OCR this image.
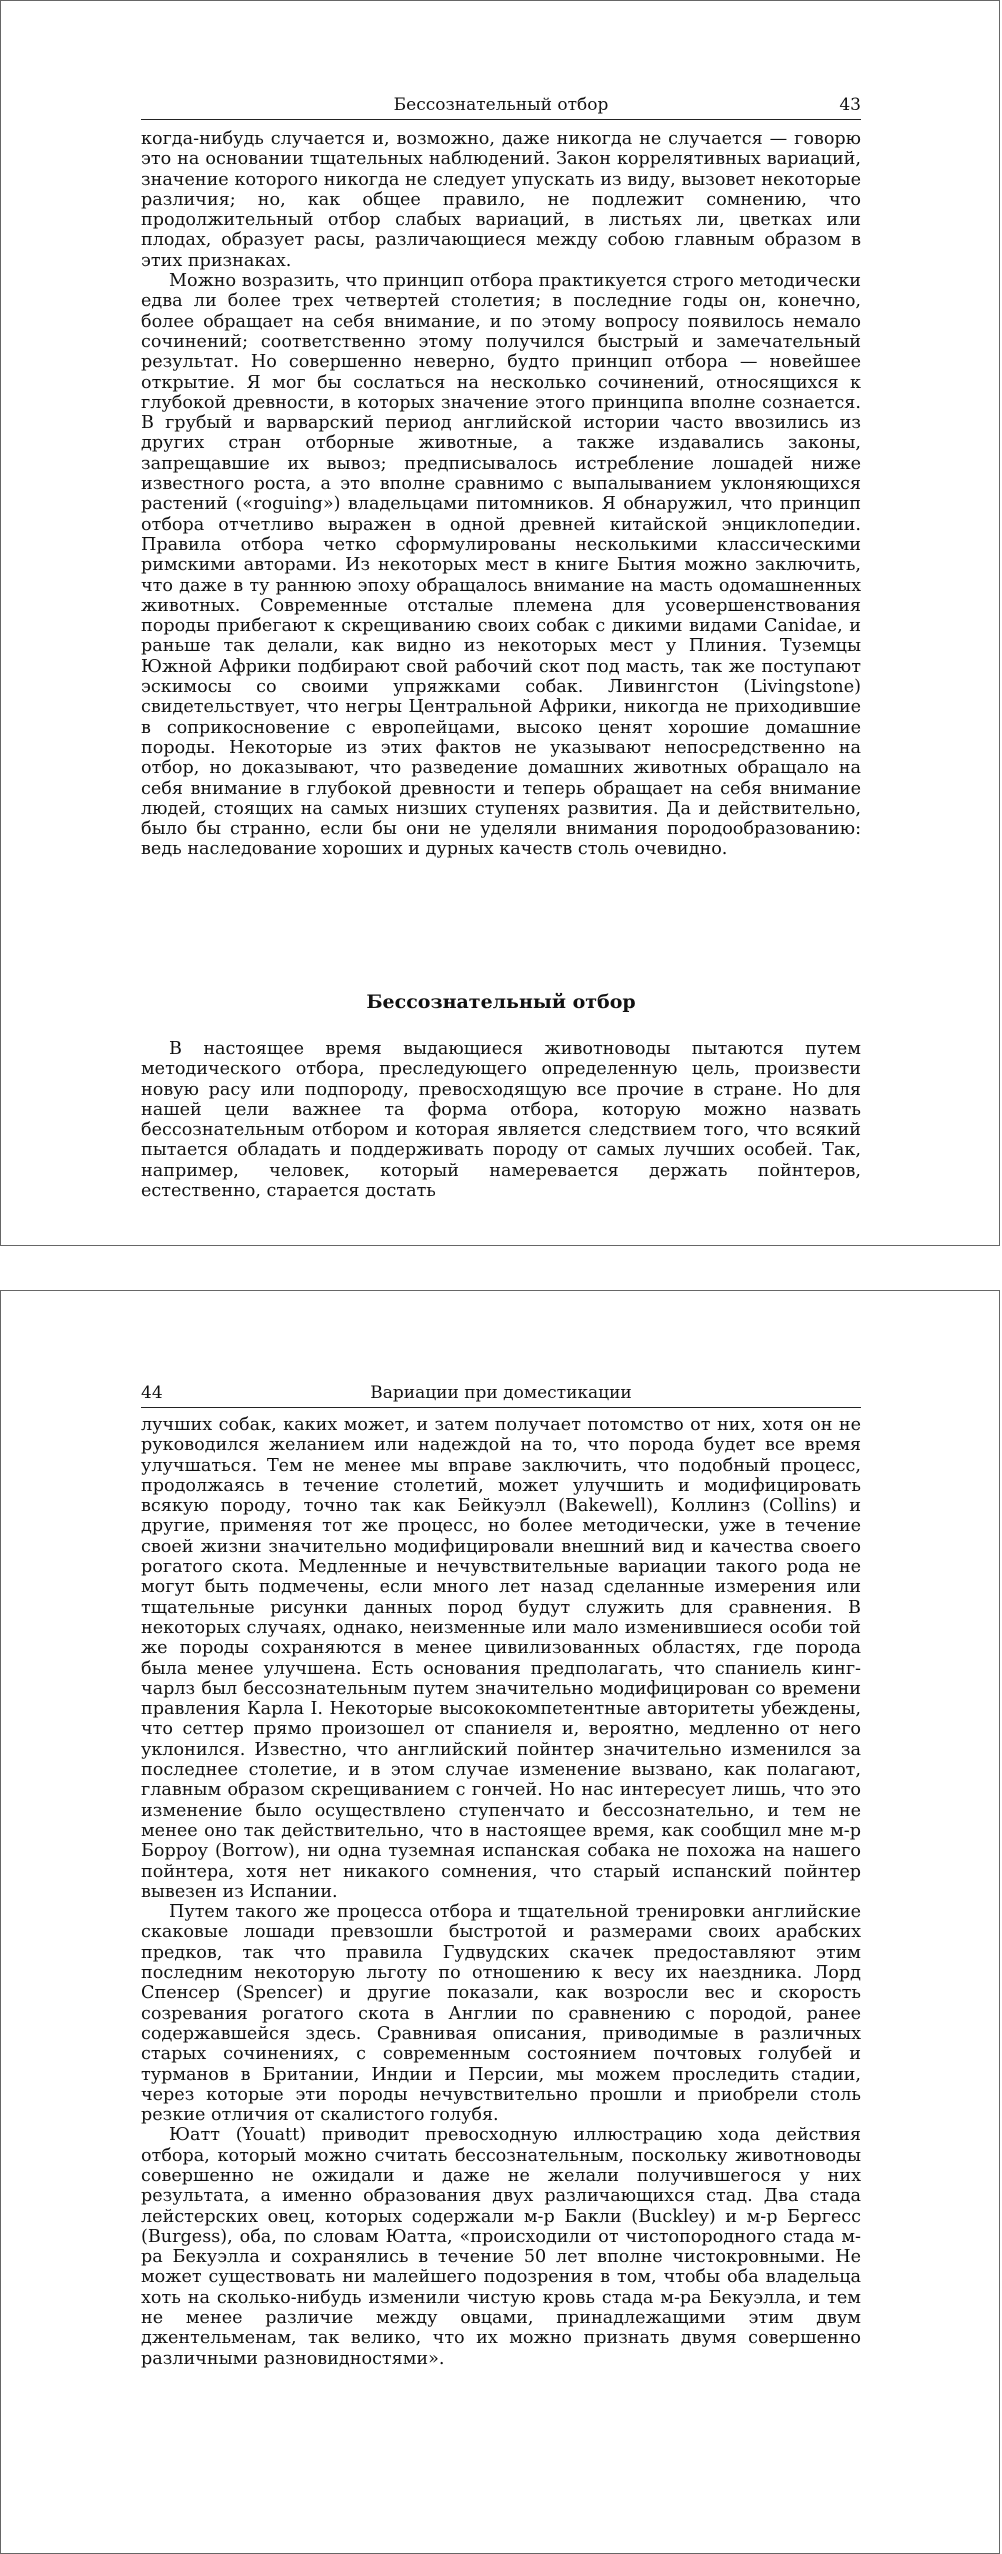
Бессознательный отбор	43

когда-нибудь случается и, возможно, даже никогда не случается — говорю это на основании тщательных наблюдений. Закон коррелятивных вариаций, значение которого никогда не следует упускать из виду, вызовет некоторые различия; но, как общее правило, не подлежит сомнению, что продолжительный отбор слабых вариаций, в листьях ли, цветках или плодах, образует расы, различающиеся между собою главным образом в этих признаках.

Можно возразить, что принцип отбора практикуется строго методически едва ли более трех четвертей столетия; в последние годы он, конечно, более обращает на себя внимание, и по этому вопросу появилось немало сочинений; соответственно этому получился быстрый и замечательный результат. Но совершенно неверно, будто принцип отбора — новейшее открытие. Я мог бы сослаться на несколько сочинений, относящихся к глубокой древности, в которых значение этого принципа вполне сознается. В грубый и варварский период английской истории часто ввозились из других стран отборные животные, а также издавались законы, запрещавшие их вывоз; предписывалось истребление лошадей ниже известного роста, а это вполне сравнимо с выпалыванием уклоняющихся растений («roguing») владельцами питомников. Я обнаружил, что принцип отбора отчетливо выражен в одной древней китайской энциклопедии. Правила отбора четко сформулированы несколькими классическими римскими авторами. Из некоторых мест в книге Бытия можно заключить, что даже в ту раннюю эпоху обращалось внимание на масть одомашненных животных. Современные отсталые племена для усовершенствования породы прибегают к скрещиванию своих собак с дикими видами Canidae, и раньше так делали, как видно из некоторых мест у Плиния. Туземцы Южной Африки подбирают свой рабочий скот под масть, так же поступают эскимосы со своими упряжками собак. Ливингстон (Livingstone) свидетельствует, что негры Центральной Африки, никогда не приходившие в соприкосновение с европейцами, высоко ценят хорошие домашние породы. Некоторые из этих фактов не указывают непосредственно на отбор, но доказывают, что разведение домашних животных обращало на себя внимание в глубокой древности и теперь обращает на себя внимание людей, стоящих на самых низших ступенях развития. Да и действительно, было бы странно, если бы они не уделяли внимания породообразованию: ведь наследование хороших и дурных качеств столь очевидно.

Бессознательный отбор

В настоящее время выдающиеся животноводы пытаются путем методического отбора, преследующего определенную цель, произвести новую расу или подпороду, превосходящую все прочие в стране. Но для нашей цели важнее та форма отбора, которую можно назвать бессознательным отбором и которая является следствием того, что всякий пытается обладать и поддерживать породу от самых лучших особей. Так, например, человек, который намеревается держать пойнтеров, естественно, старается достать

44	Вариации при доместикации

лучших собак, каких может, и затем получает потомство от них, хотя он не руководился желанием или надеждой на то, что порода будет все время улучшаться. Тем не менее мы вправе заключить, что подобный процесс, продолжаясь в течение столетий, может улучшить и модифицировать всякую породу, точно так как Бейкуэлл (Bakewell), Коллинз (Collins) и другие, применяя тот же процесс, но более методически, уже в течение своей жизни значительно модифицировали внешний вид и качества своего рогатого скота. Медленные и нечувствительные вариации такого рода не могут быть подмечены, если много лет назад сделанные измерения или тщательные рисунки данных пород будут служить для сравнения. В некоторых случаях, однако, неизменные или мало изменившиеся особи той же породы сохраняются в менее цивилизованных областях, где порода была менее улучшена. Есть основания предполагать, что спаниель кинг-чарлз был бессознательным путем значительно модифицирован со времени правления Карла I. Некоторые высококомпетентные авторитеты убеждены, что сеттер прямо произошел от спаниеля и, вероятно, медленно от него уклонился. Известно, что английский пойнтер значительно изменился за последнее столетие, и в этом случае изменение вызвано, как полагают, главным образом скрещиванием с гончей. Но нас интересует лишь, что это изменение было осуществлено ступенчато и бессознательно, и тем не менее оно так действительно, что в настоящее время, как сообщил мне м-р Борроу (Borrow), ни одна туземная испанская собака не похожа на нашего пойнтера, хотя нет никакого сомнения, что старый испанский пойнтер вывезен из Испании.

Путем такого же процесса отбора и тщательной тренировки английские скаковые лошади превзошли быстротой и размерами своих арабских предков, так что правила Гудвудских скачек предоставляют этим последним некоторую льготу по отношению к весу их наездника. Лорд Спенсер (Spencer) и другие показали, как возросли вес и скорость созревания рогатого скота в Англии по сравнению с породой, ранее содержавшейся здесь. Сравнивая описания, приводимые в различных старых сочинениях, с современным состоянием почтовых голубей и турманов в Британии, Индии и Персии, мы можем проследить стадии, через которые эти породы нечувствительно прошли и приобрели столь резкие отличия от скалистого голубя.

Юатт (Youatt) приводит превосходную иллюстрацию хода действия отбора, который можно считать бессознательным, поскольку животноводы совершенно не ожидали и даже не желали получившегося у них результата, а именно образования двух различающихся стад. Два стада лейстерских овец, которых содержали м-р Бакли (Buckley) и м-р Бергесс (Burgess), оба, по словам Юатта, «происходили от чистопородного стада м-ра Бекуэлла и сохранялись в течение 50 лет вполне чистокровными. Не может существовать ни малейшего подозрения в том, чтобы оба владельца хоть на сколько-нибудь изменили чистую кровь стада м-ра Бекуэлла, и тем не менее различие между овцами, принадлежащими этим двум джентельменам, так велико, что их можно признать двумя совершенно различными разновидностями».
